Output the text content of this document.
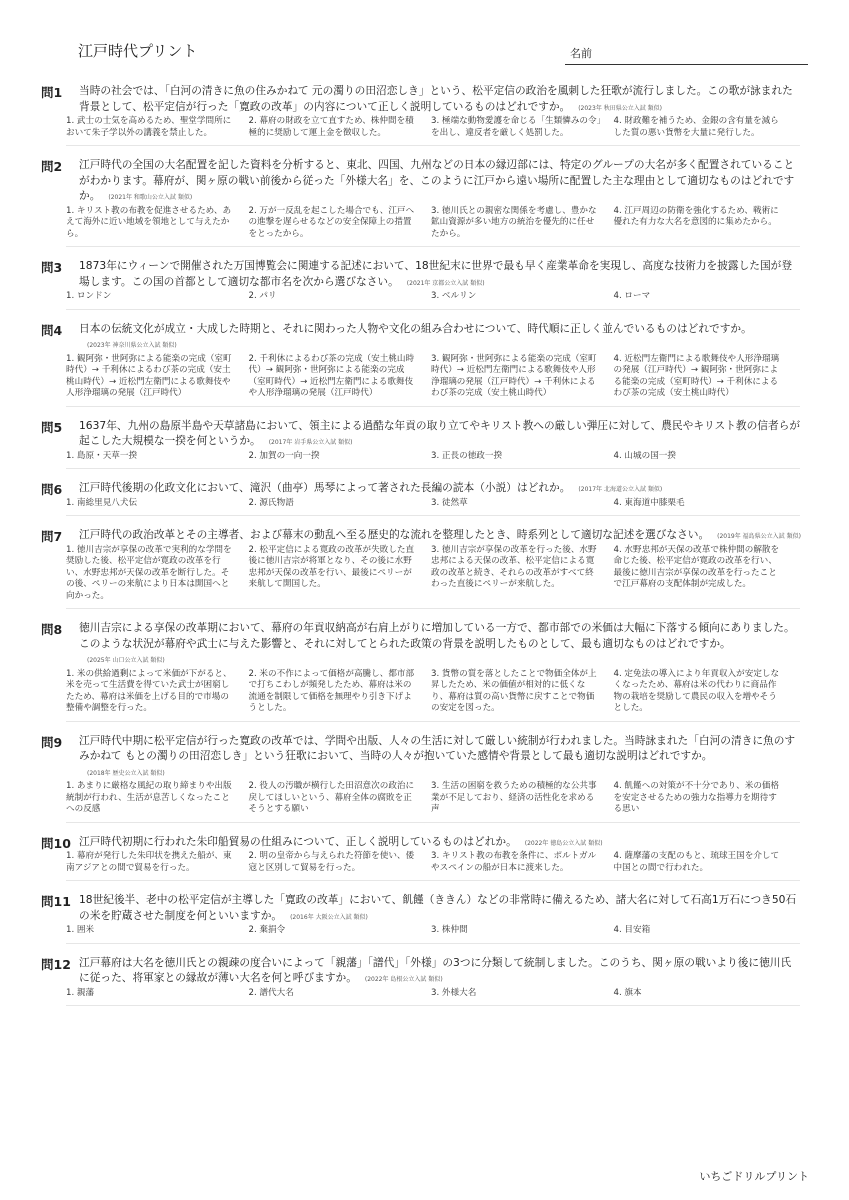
江戸時代プリント	名前
問1 当時の社会では、「白河の清きに魚の住みかねて 元の濁りの田沼恋しき」という、松平定信の政治を風刺した狂歌が流行しました。この歌が詠まれた背景として、松平定信が行った「寛政の改革」の内容について正しく説明しているものはどれですか。 (2023年 秋田県公立入試 類似)
1. 武士の士気を高めるため、聖堂学問所において朱子学以外の講義を禁止した。
2. 幕府の財政を立て直すため、株仲間を積極的に奨励して運上金を徴収した。
3. 極端な動物愛護を命じる「生類憐みの令」を出し、違反者を厳しく処罰した。
4. 財政難を補うため、金銀の含有量を減らした質の悪い貨幣を大量に発行した。
問2 江戸時代の全国の大名配置を記した資料を分析すると、東北、四国、九州などの日本の縁辺部には、特定のグループの大名が多く配置されていることがわかります。幕府が、関ヶ原の戦い前後から従った「外様大名」を、このように江戸から遠い場所に配置した主な理由として適切なものはどれですか。 (2021年 和歌山公立入試 類似)
1. キリスト教の布教を促進させるため、あえて海外に近い地域を領地として与えたから。
2. 万が一反乱を起こした場合でも、江戸への進撃を遅らせるなどの安全保障上の措置をとったから。
3. 徳川氏との親密な関係を考慮し、豊かな鉱山資源が多い地方の統治を優先的に任せたから。
4. 江戸周辺の防衛を強化するため、戦術に優れた有力な大名を意図的に集めたから。
問3 1873年にウィーンで開催された万国博覧会に関連する記述において、18世紀末に世界で最も早く産業革命を実現し、高度な技術力を披露した国が登場します。この国の首都として適切な都市名を次から選びなさい。 (2021年 京都公立入試 類似)
1. ロンドン	2. パリ	3. ベルリン	4. ローマ
問4 日本の伝統文化が成立・大成した時期と、それに関わった人物や文化の組み合わせについて、時代順に正しく並んでいるものはどれですか。
(2023年 神奈川県公立入試 類似)
1. 観阿弥・世阿弥による能楽の完成（室町時代）→ 千利休によるわび茶の完成（安土桃山時代）→ 近松門左衛門による歌舞伎や人形浄瑠璃の発展（江戸時代）
2. 千利休によるわび茶の完成（安土桃山時代）→ 観阿弥・世阿弥による能楽の完成（室町時代）→ 近松門左衛門による歌舞伎や人形浄瑠璃の発展（江戸時代）
3. 観阿弥・世阿弥による能楽の完成（室町時代）→ 近松門左衛門による歌舞伎や人形浄瑠璃の発展（江戸時代）→ 千利休によるわび茶の完成（安土桃山時代）
4. 近松門左衛門による歌舞伎や人形浄瑠璃の発展（江戸時代）→ 観阿弥・世阿弥による能楽の完成（室町時代）→ 千利休によるわび茶の完成（安土桃山時代）
問5 1637年、九州の島原半島や天草諸島において、領主による過酷な年貢の取り立てやキリスト教への厳しい弾圧に対して、農民やキリスト教の信者らが起こした大規模な一揆を何というか。 (2017年 岩手県公立入試 類似)
1. 島原・天草一揆	2. 加賀の一向一揆	3. 正長の徳政一揆	4. 山城の国一揆
問6 江戸時代後期の化政文化において、滝沢（曲亭）馬琴によって著された長編の読本（小説）はどれか。 (2017年 北海道公立入試 類似)
1. 南総里見八犬伝	2. 源氏物語	3. 徒然草	4. 東海道中膝栗毛
問7 江戸時代の政治改革とその主導者、および幕末の動乱へ至る歴史的な流れを整理したとき、時系列として適切な記述を選びなさい。 (2019年 福島県公立入試 類似)
1. 徳川吉宗が享保の改革で実利的な学問を奨励した後、松平定信が寛政の改革を行い、水野忠邦が天保の改革を断行した。その後、ペリーの来航により日本は開国へと向かった。
2. 松平定信による寛政の改革が失敗した直後に徳川吉宗が将軍となり、その後に水野忠邦が天保の改革を行い、最後にペリーが来航して開国した。
3. 徳川吉宗が享保の改革を行った後、水野忠邦による天保の改革、松平定信による寛政の改革と続き、それらの改革がすべて終わった直後にペリーが来航した。
4. 水野忠邦が天保の改革で株仲間の解散を命じた後、松平定信が寛政の改革を行い、最後に徳川吉宗が享保の改革を行ったことで江戸幕府の支配体制が完成した。
問8 徳川吉宗による享保の改革期において、幕府の年貢収納高が右肩上がりに増加している一方で、都市部での米価は大幅に下落する傾向にありました。このような状況が幕府や武士に与えた影響と、それに対してとられた政策の背景を説明したものとして、最も適切なものはどれですか。
(2025年 山口公立入試 類似)
1. 米の供給過剰によって米価が下がると、米を売って生活費を得ていた武士が困窮したため、幕府は米価を上げる目的で市場の整備や調整を行った。
2. 米の不作によって価格が高騰し、都市部で打ちこわしが頻発したため、幕府は米の流通を制限して価格を無理やり引き下げようとした。
3. 貨幣の質を落としたことで物価全体が上昇したため、米の価値が相対的に低くなり、幕府は質の高い貨幣に戻すことで物価の安定を図った。
4. 定免法の導入により年貢収入が安定しなくなったため、幕府は米の代わりに商品作物の栽培を奨励して農民の収入を増やそうとした。
問9 江戸時代中期に松平定信が行った寛政の改革では、学問や出版、人々の生活に対して厳しい統制が行われました。当時詠まれた「白河の清きに魚のすみかねて もとの濁りの田沼恋しき」という狂歌において、当時の人々が抱いていた感情や背景として最も適切な説明はどれですか。
(2018年 歴史公立入試 類似)
1. あまりに厳格な風紀の取り締まりや出版統制が行われ、生活が息苦しくなったことへの反感
2. 役人の汚職が横行した田沼意次の政治に戻してほしいという、幕府全体の腐敗を正そうとする願い
3. 生活の困窮を救うための積極的な公共事業が不足しており、経済の活性化を求める声
4. 飢饉への対策が不十分であり、米の価格を安定させるための強力な指導力を期待する思い
問10 江戸時代初期に行われた朱印船貿易の仕組みについて、正しく説明しているものはどれか。 (2022年 徳島公立入試 類似)
1. 幕府が発行した朱印状を携えた船が、東南アジアとの間で貿易を行った。
2. 明の皇帝から与えられた符節を使い、倭寇と区別して貿易を行った。
3. キリスト教の布教を条件に、ポルトガルやスペインの船が日本に渡来した。
4. 薩摩藩の支配のもと、琉球王国を介して中国との間で行われた。
問11 18世紀後半、老中の松平定信が主導した「寛政の改革」において、飢饉（ききん）などの非常時に備えるため、諸大名に対して石高1万石につき50石の米を貯蔵させた制度を何といいますか。 (2016年 大阪公立入試 類似)
1. 囲米	2. 棄捐令	3. 株仲間	4. 目安箱
問12 江戸幕府は大名を徳川氏との親疎の度合いによって「親藩」「譜代」「外様」の3つに分類して統制しました。このうち、関ヶ原の戦いより後に徳川氏に従った、将軍家との縁故が薄い大名を何と呼びますか。 (2022年 島根公立入試 類似)
1. 親藩	2. 譜代大名	3. 外様大名	4. 旗本
いちごドリルプリント
